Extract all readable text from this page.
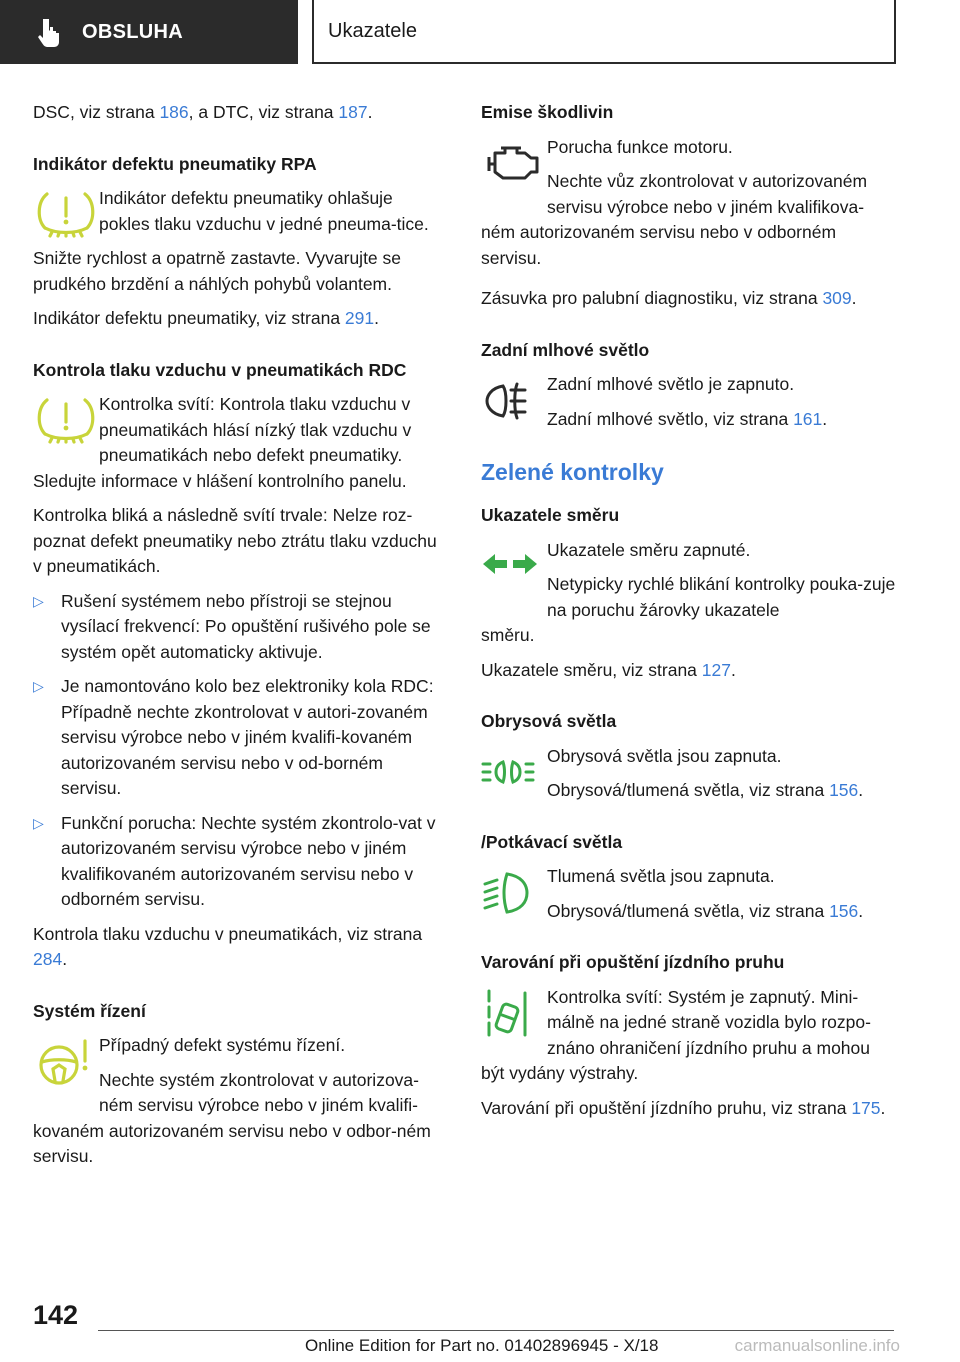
OBSLUHA	Ukazatele

DSC, viz strana 186, a DTC, viz strana 187.

Indikátor defektu pneumatiky RPA

Indikátor defektu pneumatiky ohlašuje pokles tlaku vzduchu v jedné pneuma-tice.

Snižte rychlost a opatrně zastavte. Vyvarujte se prudkého brzdění a náhlých pohybů volantem.

Indikátor defektu pneumatiky, viz strana 291.

Kontrola tlaku vzduchu v pneumatikách RDC

Kontrolka svítí: Kontrola tlaku vzduchu v pneumatikách hlásí nízký tlak vzduchu v pneumatikách nebo defekt pneumatiky.

Sledujte informace v hlášení kontrolního panelu.

Kontrolka bliká a následně svítí trvale: Nelze roz-poznat defekt pneumatiky nebo ztrátu tlaku vzduchu v pneumatikách.

▷ Rušení systémem nebo přístroji se stejnou vysílací frekvencí: Po opuštění rušivého pole se systém opět automaticky aktivuje.
▷ Je namontováno kolo bez elektroniky kola RDC: Případně nechte zkontrolovat v autori-zovaném servisu výrobce nebo v jiném kvalifi-kovaném autorizovaném servisu nebo v od-borném servisu.
▷ Funkční porucha: Nechte systém zkontrolo-vat v autorizovaném servisu výrobce nebo v jiném kvalifikovaném autorizovaném servisu nebo v odborném servisu.

Kontrola tlaku vzduchu v pneumatikách, viz strana 284.

Systém řízení

Případný defekt systému řízení.

Nechte systém zkontrolovat v autorizova-ném servisu výrobce nebo v jiném kvalifi-

kovaném autorizovaném servisu nebo v odbor-ném servisu.

Emise škodlivin

Porucha funkce motoru.

Nechte vůz zkontrolovat v autorizovaném servisu výrobce nebo v jiném kvalifikova-

ném autorizovaném servisu nebo v odborném servisu.

Zásuvka pro palubní diagnostiku, viz strana 309.

Zadní mlhové světlo

Zadní mlhové světlo je zapnuto.

Zadní mlhové světlo, viz strana 161.

Zelené kontrolky
Ukazatele směru

Ukazatele směru zapnuté.

Netypicky rychlé blikání kontrolky pouka-zuje na poruchu žárovky ukazatele

směru.

Ukazatele směru, viz strana 127.

Obrysová světla

Obrysová světla jsou zapnuta.

Obrysová/tlumená světla, viz strana 156.

/Potkávací světla

Tlumená světla jsou zapnuta.

Obrysová/tlumená světla, viz strana 156.

Varování při opuštění jízdního pruhu

Kontrolka svítí: Systém je zapnutý. Mini-málně na jedné straně vozidla bylo rozpo-znáno ohraničení jízdního pruhu a mohou

být vydány výstrahy.

Varování při opuštění jízdního pruhu, viz strana 175.

142
Online Edition for Part no. 01402896945 - X/18	carmanualsonline.info
